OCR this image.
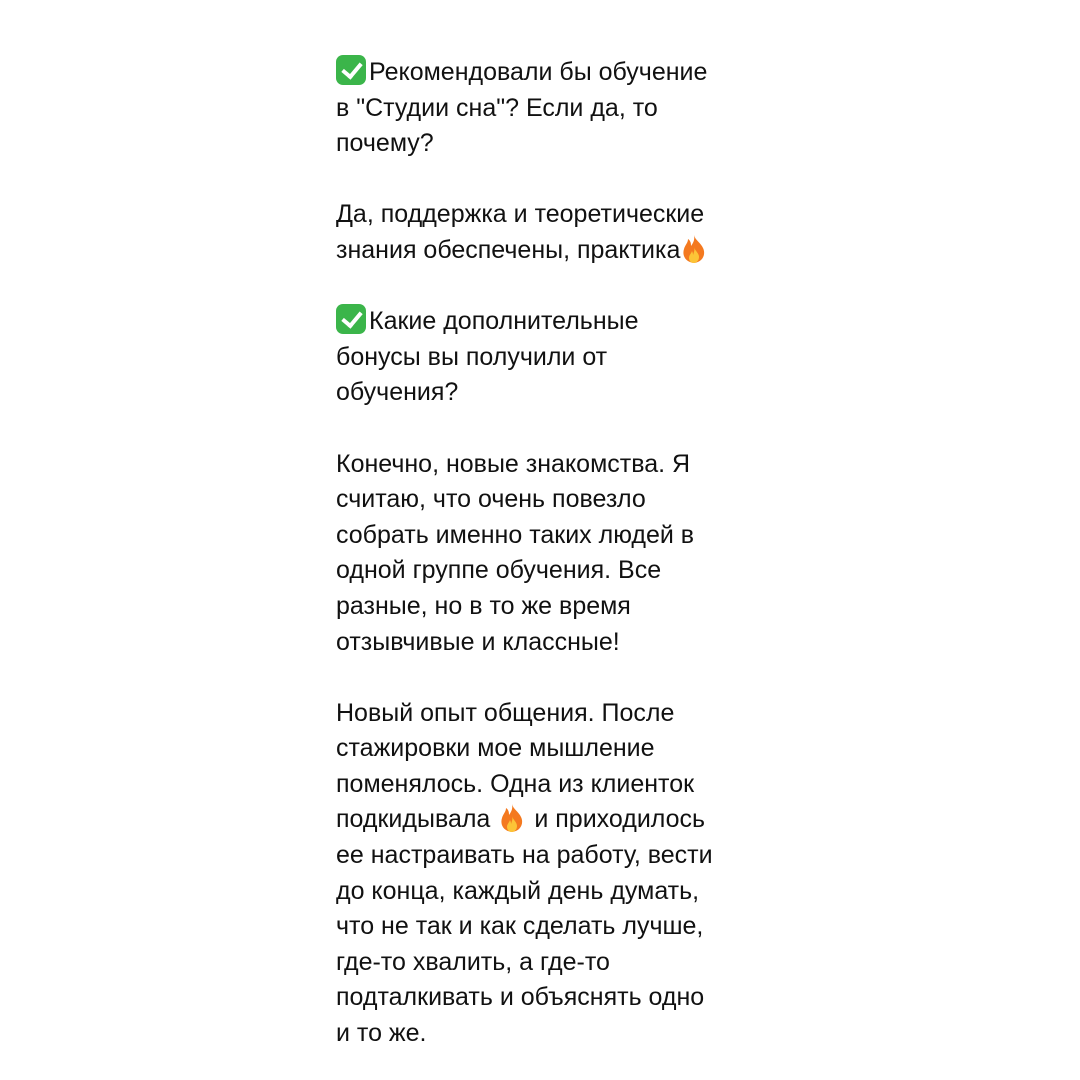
Рекомендовали бы обучение
в "Студии сна"? Если да, то
почему?
Да, поддержка и теоретические
знания обеспечены, практика
Какие дополнительные
бонусы вы получили от
обучения?
Конечно, новые знакомства. Я
считаю, что очень повезло
собрать именно таких людей в
одной группе обучения. Все
разные, но в то же время
отзывчивые и классные!
Новый опыт общения. После
стажировки мое мышление
поменялось. Одна из клиенток
подкидывала и приходилось
ее настраивать на работу, вести
до конца, каждый день думать,
что не так и как сделать лучше,
где-то хвалить, а где-то
подталкивать и объяснять одно
и то же.
